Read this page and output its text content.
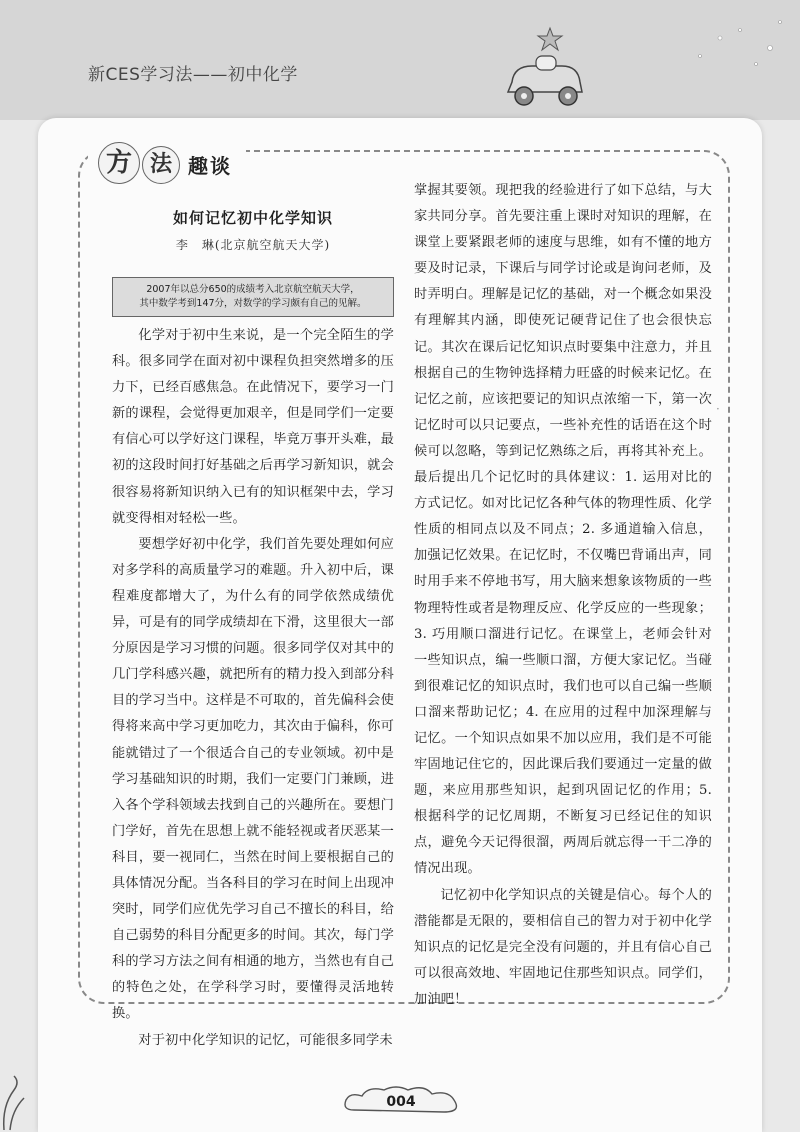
新CES学习法——初中化学
方 法 趣谈
·
如何记忆初中化学知识
李　琳(北京航空航天大学)
2007年以总分650的成绩考入北京航空航天大学，
其中数学考到147分，对数学的学习颇有自己的见解。

化学对于初中生来说，是一个完全陌生的学科。很多同学在面对初中课程负担突然增多的压力下，已经百感焦急。在此情况下，要学习一门新的课程，会觉得更加艰辛，但是同学们一定要有信心可以学好这门课程，毕竟万事开头难，最初的这段时间打好基础之后再学习新知识，就会很容易将新知识纳入已有的知识框架中去，学习就变得相对轻松一些。

要想学好初中化学，我们首先要处理如何应对多学科的高质量学习的难题。升入初中后，课程难度都增大了，为什么有的同学依然成绩优异，可是有的同学成绩却在下滑，这里很大一部分原因是学习习惯的问题。很多同学仅对其中的几门学科感兴趣，就把所有的精力投入到部分科目的学习当中。这样是不可取的，首先偏科会使得将来高中学习更加吃力，其次由于偏科，你可能就错过了一个很适合自己的专业领域。初中是学习基础知识的时期，我们一定要门门兼顾，进入各个学科领域去找到自己的兴趣所在。要想门门学好，首先在思想上就不能轻视或者厌恶某一科目，要一视同仁，当然在时间上要根据自己的具体情况分配。当各科目的学习在时间上出现冲突时，同学们应优先学习自己不擅长的科目，给自己弱势的科目分配更多的时间。其次，每门学科的学习方法之间有相通的地方，当然也有自己的特色之处，在学科学习时，要懂得灵活地转换。

对于初中化学知识的记忆，可能很多同学未

掌握其要领。现把我的经验进行了如下总结，与大家共同分享。首先要注重上课时对知识的理解，在课堂上要紧跟老师的速度与思维，如有不懂的地方要及时记录，下课后与同学讨论或是询问老师，及时弄明白。理解是记忆的基础，对一个概念如果没有理解其内涵，即使死记硬背记住了也会很快忘记。其次在课后记忆知识点时要集中注意力，并且根据自己的生物钟选择精力旺盛的时候来记忆。在记忆之前，应该把要记的知识点浓缩一下，第一次记忆时可以只记要点，一些补充性的话语在这个时候可以忽略，等到记忆熟练之后，再将其补充上。最后提出几个记忆时的具体建议：1. 运用对比的方式记忆。如对比记忆各种气体的物理性质、化学性质的相同点以及不同点；2. 多通道输入信息，加强记忆效果。在记忆时，不仅嘴巴背诵出声，同时用手来不停地书写，用大脑来想象该物质的一些物理特性或者是物理反应、化学反应的一些现象；3. 巧用顺口溜进行记忆。在课堂上，老师会针对一些知识点，编一些顺口溜，方便大家记忆。当碰到很难记忆的知识点时，我们也可以自己编一些顺口溜来帮助记忆；4. 在应用的过程中加深理解与记忆。一个知识点如果不加以应用，我们是不可能牢固地记住它的，因此课后我们要通过一定量的做题，来应用那些知识，起到巩固记忆的作用；5. 根据科学的记忆周期，不断复习已经记住的知识点，避免今天记得很溜，两周后就忘得一干二净的情况出现。

记忆初中化学知识点的关键是信心。每个人的潜能都是无限的，要相信自己的智力对于初中化学知识点的记忆是完全没有问题的，并且有信心自己可以很高效地、牢固地记住那些知识点。同学们，加油吧！

004
